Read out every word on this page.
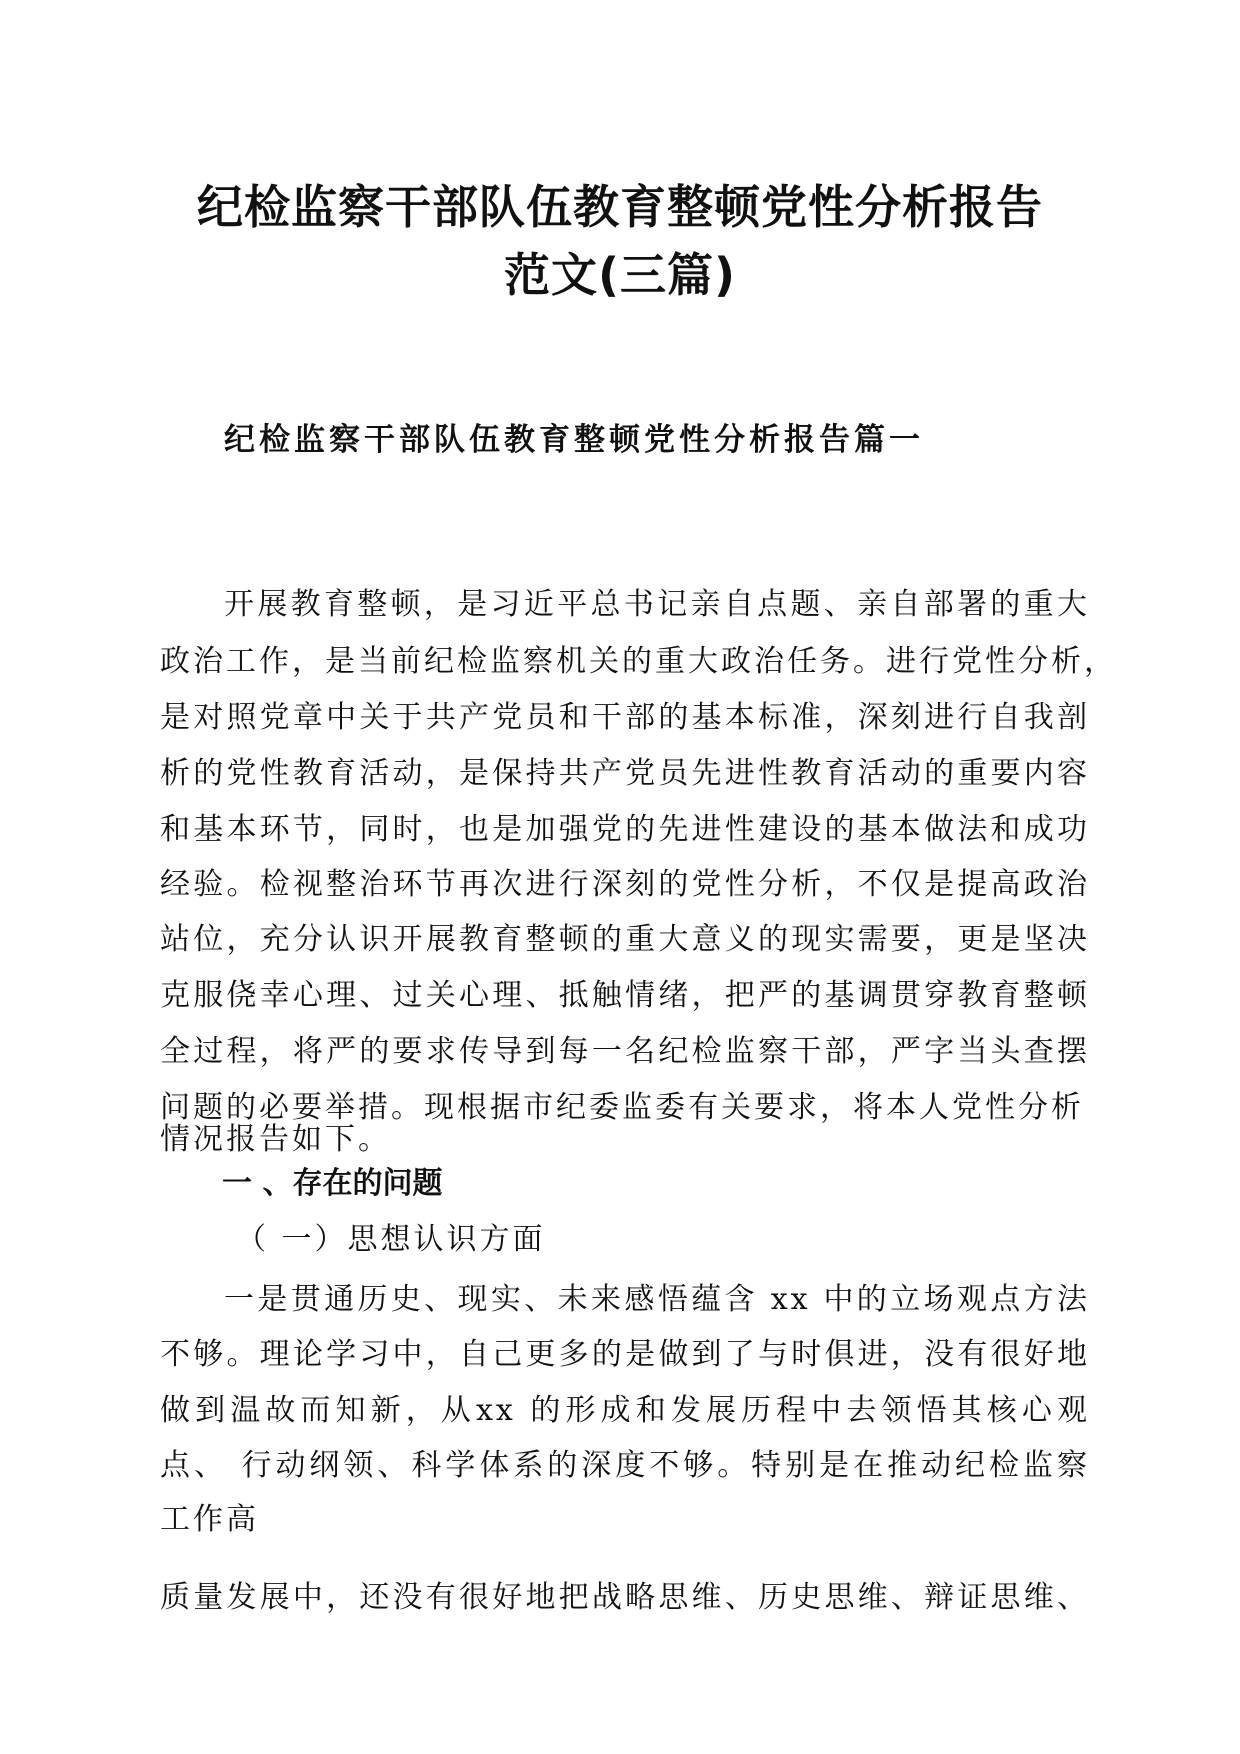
纪检监察干部队伍教育整顿党性分析报告
范文(三篇)
纪检监察干部队伍教育整顿党性分析报告篇一
开展教育整顿，是习近平总书记亲自点题、亲自部署的重大
政治工作，是当前纪检监察机关的重大政治任务。进行党性分析，
是对照党章中关于共产党员和干部的基本标准，深刻进行自我剖
析的党性教育活动，是保持共产党员先进性教育活动的重要内容
和基本环节，同时，也是加强党的先进性建设的基本做法和成功
经验。检视整治环节再次进行深刻的党性分析，不仅是提高政治
站位，充分认识开展教育整顿的重大意义的现实需要，更是坚决
克服侥幸心理、过关心理、抵触情绪，把严的基调贯穿教育整顿
全过程，将严的要求传导到每一名纪检监察干部，严字当头查摆
问题的必要举措。现根据市纪委监委有关要求，将本人党性分析
情况报告如下。
一 、存在的问题
（ 一）思想认识方面
一是贯通历史、现实、未来感悟蕴含 xx 中的立场观点方法
不够。理论学习中，自己更多的是做到了与时俱进，没有很好地
做到温故而知新，从xx 的形成和发展历程中去领悟其核心观
点、 行动纲领、科学体系的深度不够。特别是在推动纪检监察
工作高
质量发展中，还没有很好地把战略思维、历史思维、辩证思维、
